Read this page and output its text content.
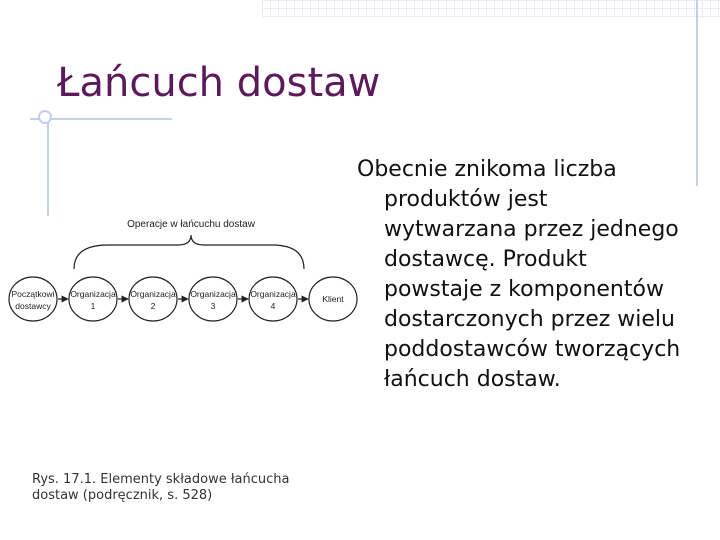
Łańcuch dostaw
Operacje w łańcuchu dostaw
Początkowi
dostawcy
Organizacja
1
Organizacja
2
Organizacja
3
Organizacja
4
Klient

Obecnie znikoma liczba produktów jest wytwarzana przez jednego dostawcę. Produkt powstaje z komponentów dostarczonych przez wielu poddostawców tworzących łańcuch dostaw.

Rys. 17.1. Elementy składowe łańcucha dostaw (podręcznik, s. 528)
